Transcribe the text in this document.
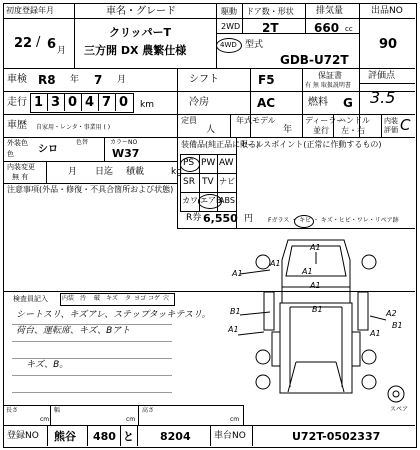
初度登録年月
22 / 6 月
車名・グレード
クリッパーT
三方開 DX 農繁仕様
駆動 ドア数・形状 排気量
2WD
4WD
2T	660 cc
型式
GDB-U72T
出品NO
90
車検 R8 年 7 月	シフト	F5	保証書
有 無 取扱説明書
評価点
走行 1 3 0 4 7 0 km	冷房	AC	燃料 G 3.5
定員
人
年式モデル
年
ディーラー
並行
ハンドル
左・右
内装
評価 C
車歴 自家用・レンタ・事業用 ( )
外装色
色 シロ
色替	カラーNO
W37
内装変更
無 有	月　　日迄 積載　　　kg
注意事項(外品・修復・不具合箇所および状態)
装備品(純正品に限る)
PS PW AW
SR TV ナビ
カワ エアB
ABS
R券 6,550 円
セールスポイント(正常に作動するもの)
Fガラス ・ キビ ・ キズ・ヒビ・ワレ・リペア跡
検査員記入 内装 汚 破 キズ タ ヨゴ コゲ 穴
シートスリ、キズアレ、ステップタッキテスリ。
荷台、運転席、キズ、Bアト
キズ、B。
A1
A1	A1
A1
A1	A1
B1	B1	A2
B1
A1
スペア
長さ
cm
幅
cm
高さ
cm
登録NO 熊谷 480 と 8204	車台NO	U72T-0502337
